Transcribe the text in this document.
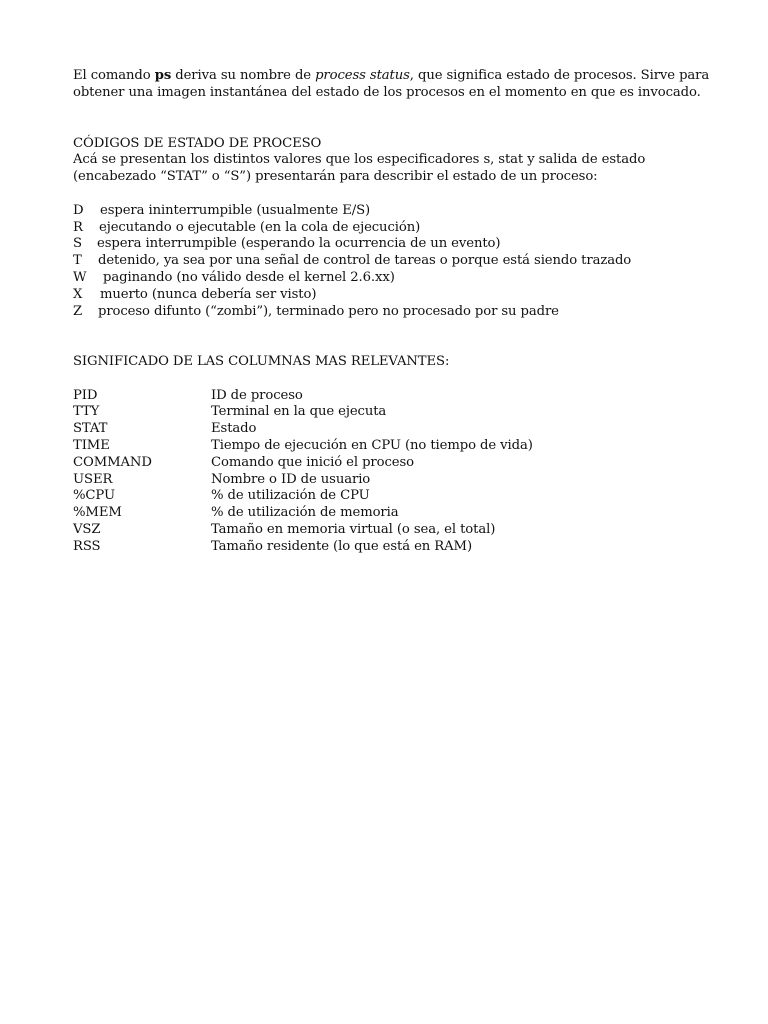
El comando ps deriva su nombre de process status, que significa estado de procesos. Sirve para obtener una imagen instantánea del estado de los procesos en el momento en que es invocado.

CÓDIGOS DE ESTADO DE PROCESO

Acá se presentan los distintos valores que los especificadores s, stat y salida de estado (encabezado “STAT” o “S”) presentarán para describir el estado de un proceso:

D espera ininterrumpible (usualmente E/S)
R ejecutando o ejecutable (en la cola de ejecución)
S espera interrumpible (esperando la ocurrencia de un evento)
T detenido, ya sea por una señal de control de tareas o porque está siendo trazado
W paginando (no válido desde el kernel 2.6.xx)
X muerto (nunca debería ser visto)
Z proceso difunto (“zombi”), terminado pero no procesado por su padre

SIGNIFICADO DE LAS COLUMNAS MAS RELEVANTES:

PID	ID de proceso
TTY	Terminal en la que ejecuta
STAT	Estado
TIME	Tiempo de ejecución en CPU (no tiempo de vida)
COMMAND	Comando que inició el proceso
USER	Nombre o ID de usuario
%CPU	% de utilización de CPU
%MEM	% de utilización de memoria
VSZ	Tamaño en memoria virtual (o sea, el total)
RSS	Tamaño residente (lo que está en RAM)
